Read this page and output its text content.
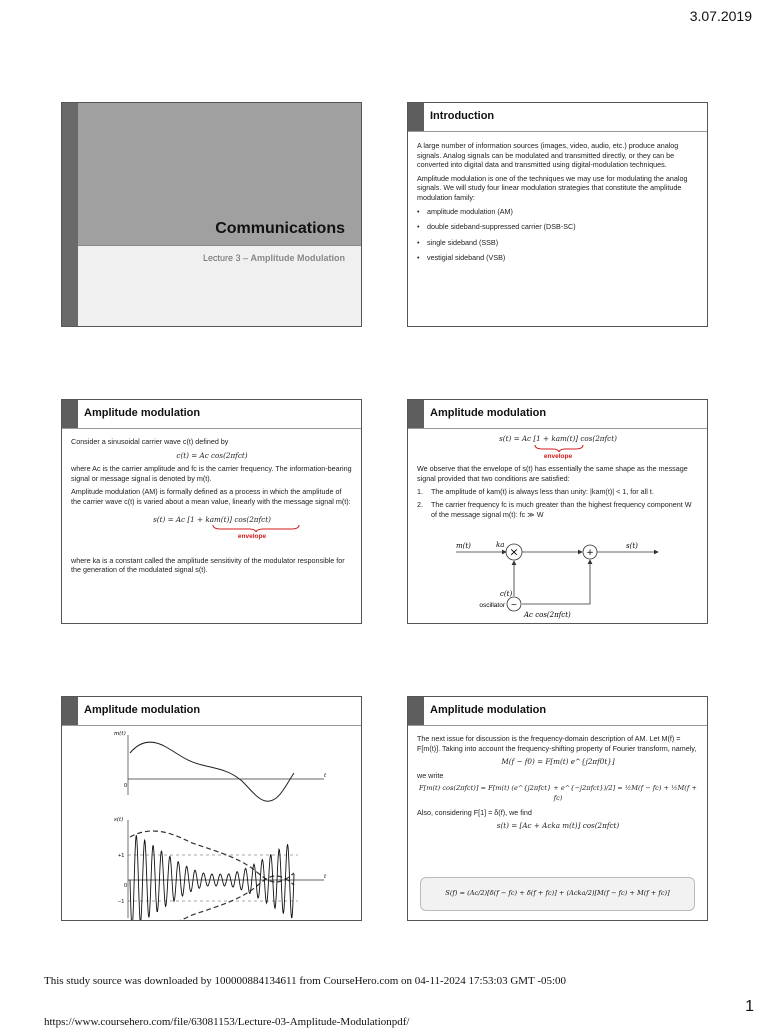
3.07.2019
1
This study source was downloaded by 100000884134611 from CourseHero.com on 04-11-2024 17:53:03 GMT -05:00
https://www.coursehero.com/file/63081153/Lecture-03-Amplitude-Modulationpdf/
Communications
Lecture 3 – Amplitude Modulation
Introduction

A large number of information sources (images, video, audio, etc.) produce analog signals. Analog signals can be modulated and transmitted directly, or they can be converted into digital data and transmitted using digital-modulation techniques.

Amplitude modulation is one of the techniques we may use for modulating the analog signals. We will study four linear modulation strategies that constitute the amplitude modulation family:

• amplitude modulation (AM)
• double sideband-suppressed carrier (DSB-SC)
• single sideband (SSB)
• vestigial sideband (VSB)
Amplitude modulation

Consider a sinusoidal carrier wave c(t) defined by

c(t) = Ac cos(2πfct)

where Ac is the carrier amplitude and fc is the carrier frequency. The information-bearing signal or message signal is denoted by m(t).

Amplitude modulation (AM) is formally defined as a process in which the amplitude of the carrier wave c(t) is varied about a mean value, linearly with the message signal m(t):

s(t) = Ac [1 + kam(t)] cos(2πfct)

envelope

where ka is a constant called the amplitude sensitivity of the modulator responsible for the generation of the modulated signal s(t).

Amplitude modulation

s(t) = Ac [1 + kam(t)] cos(2πfct)

envelope

We observe that the envelope of s(t) has essentially the same shape as the message signal provided that two conditions are satisfied:

1. The amplitude of kam(t) is always less than unity: |kam(t)| < 1, for all t.
2. The carrier frequency fc is much greater than the highest frequency component W of the message signal m(t): fc ≫ W
×	+
~
m(t)	ka	s(t)
c(t)
oscillator
Ac cos(2πfct)
Amplitude modulation
m(t)
t
0
s(t)
t
0
+1
−1
Amplitude modulation

The next issue for discussion is the frequency-domain description of AM. Let M(f) = F[m(t)]. Taking into account the frequency-shifting property of Fourier transform, namely,

M(f − f0) = F[m(t) e^{j2πf0t}]

we write

F[m(t) cos(2πfct)] = F[m(t) (e^{j2πfct} + e^{−j2πfct})/2] = ½M(f − fc) + ½M(f + fc)

Also, considering F[1] = δ(f), we find

s(t) = [Ac + Acka m(t)] cos(2πfct)

S(f) = (Ac/2)[δ(f − fc) + δ(f + fc)] + (Acka/2)[M(f − fc) + M(f + fc)]
